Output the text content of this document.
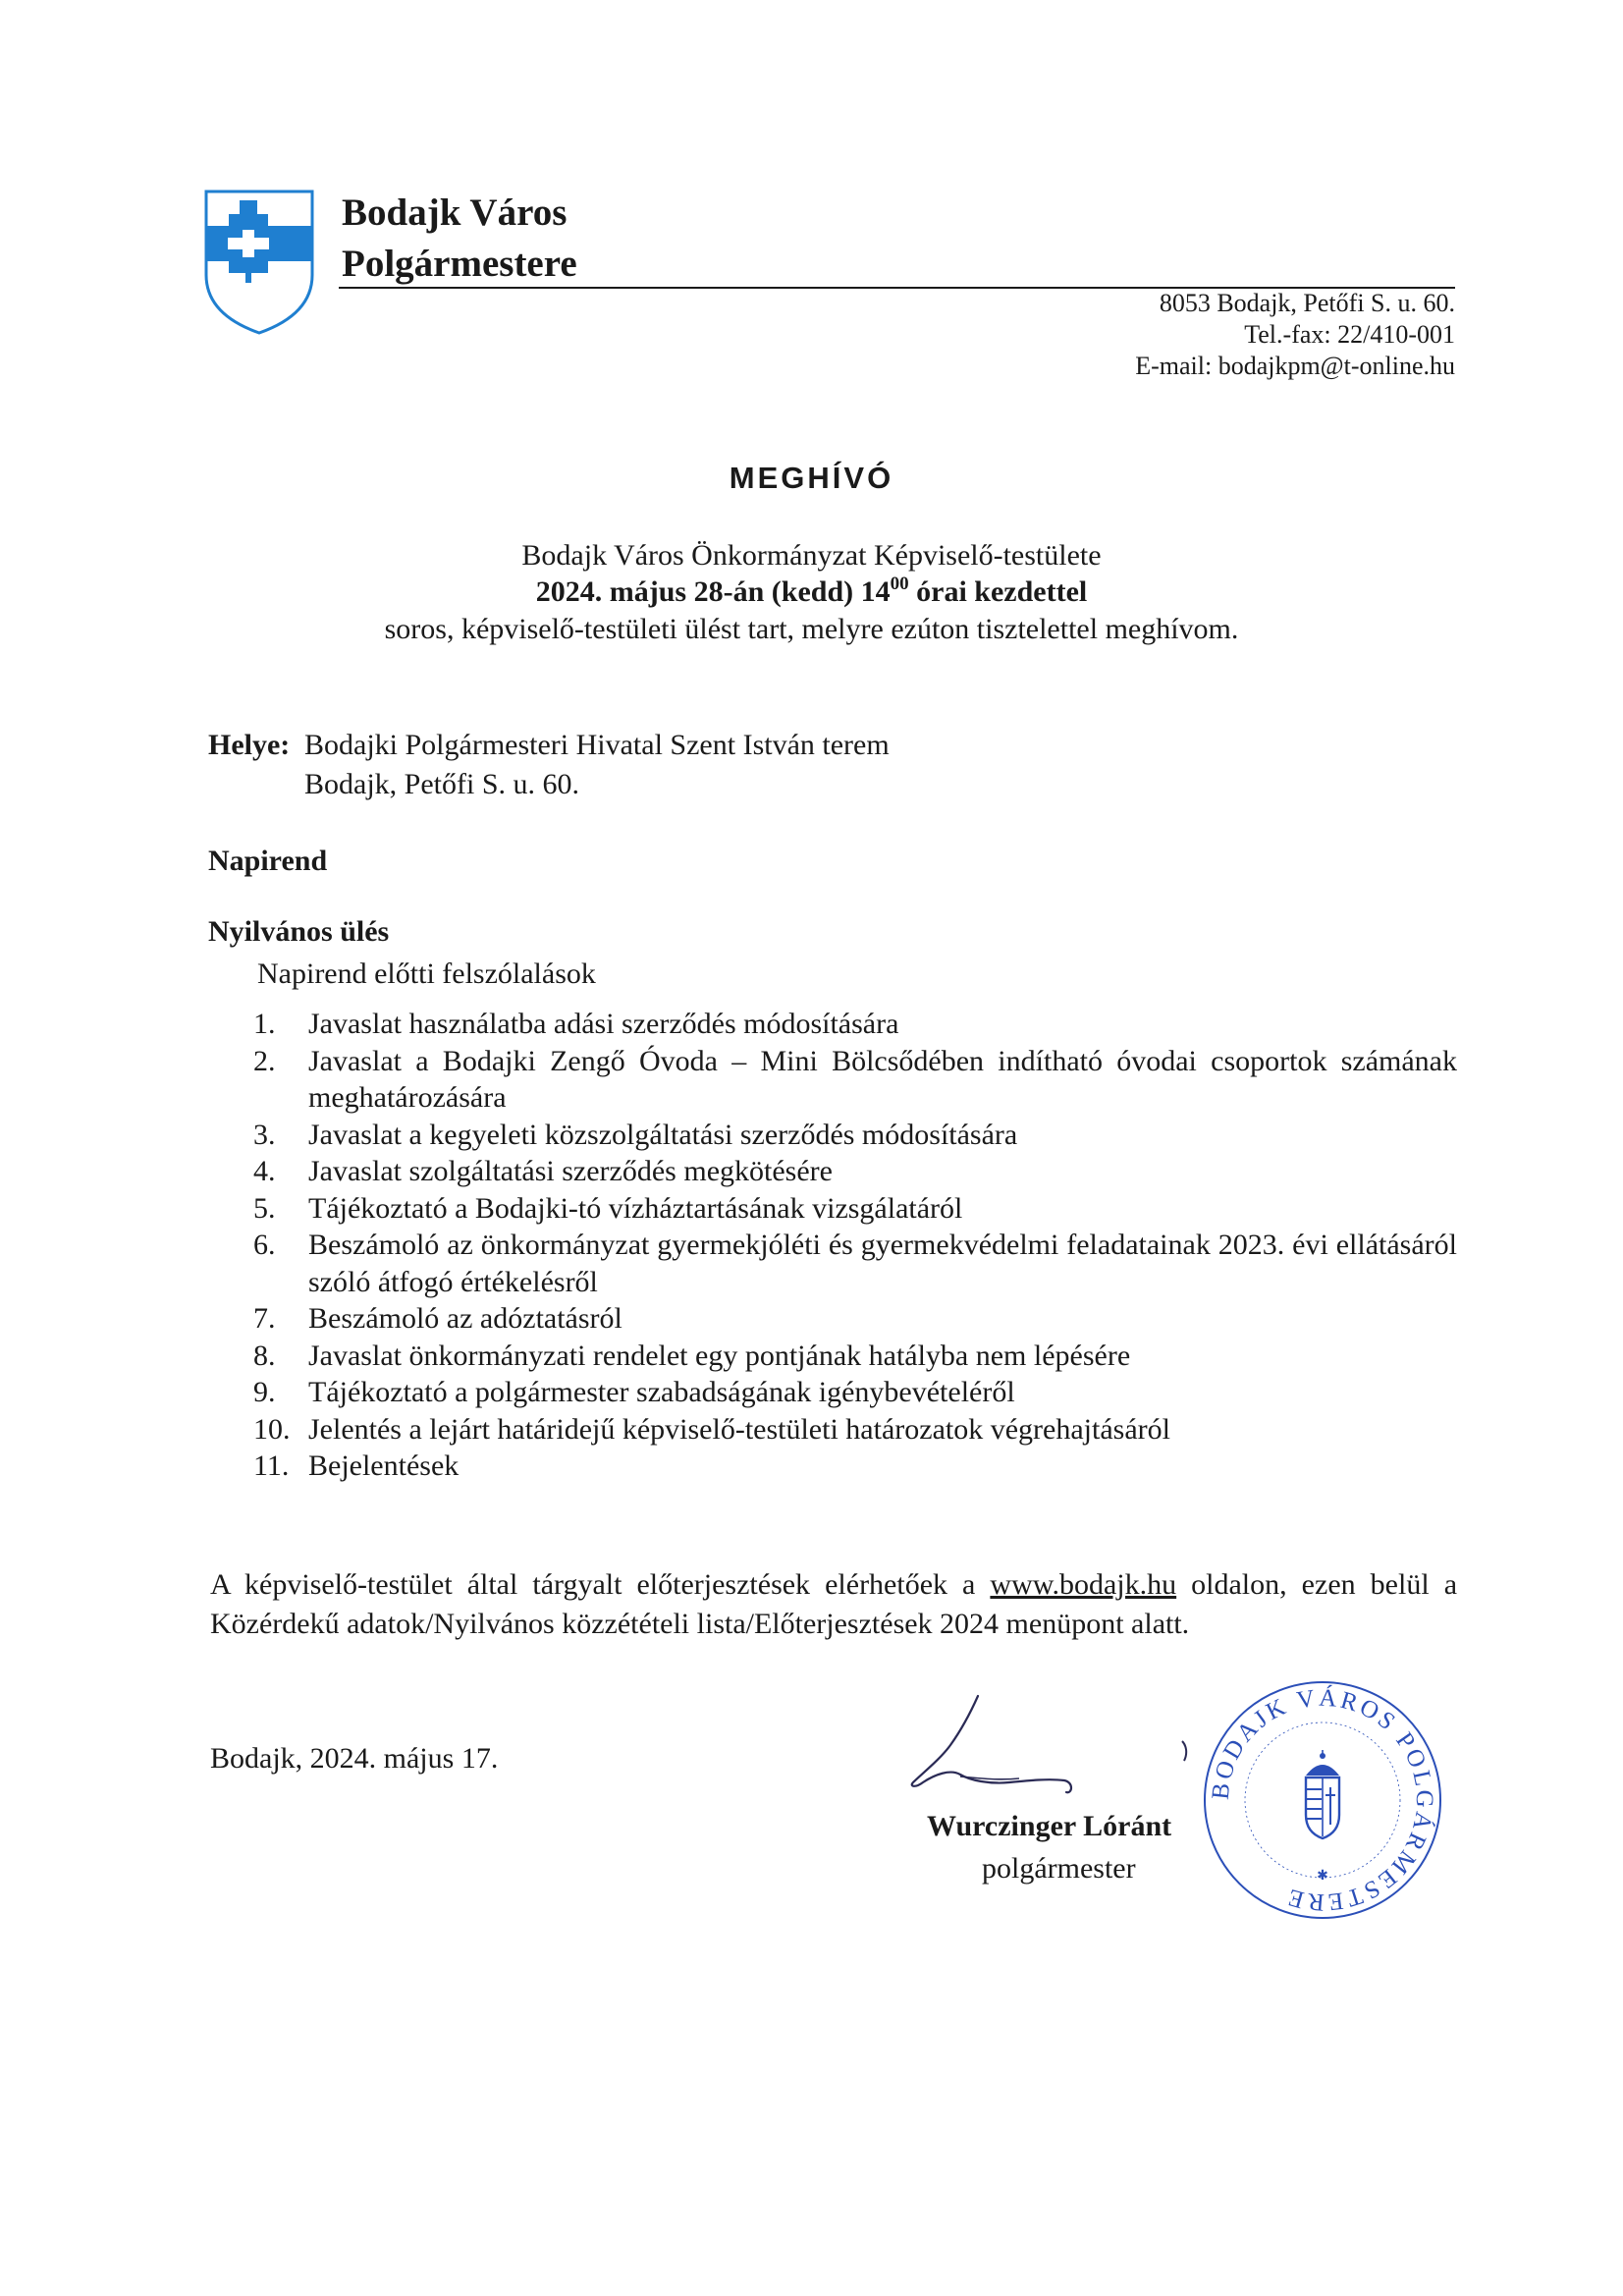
Bodajk Város
Polgármestere
8053 Bodajk, Petőfi S. u. 60.
Tel.-fax: 22/410-001
E-mail: bodajkpm@t-online.hu
MEGHÍVÓ
Bodajk Város Önkormányzat Képviselő-testülete
2024. május 28-án (kedd) $14^{00}$ órai kezdettel
soros, képviselő-testületi ülést tart, melyre ezúton tisztelettel meghívom.
Helye: Bodajki Polgármesteri Hivatal Szent István terem
Bodajk, Petőfi S. u. 60.
Napirend
Nyilvános ülés
Napirend előtti felszólalások
1.	Javaslat használatba adási szerződés módosítására
2.	Javaslat a Bodajki Zengő Óvoda – Mini Bölcsődében indítható óvodai csoportok számának meghatározására
3.	Javaslat a kegyeleti közszolgáltatási szerződés módosítására
4.	Javaslat szolgáltatási szerződés megkötésére
5.	Tájékoztató a Bodajki-tó vízháztartásának vizsgálatáról
6.	Beszámoló az önkormányzat gyermekjóléti és gyermekvédelmi feladatainak 2023. évi ellátásáról szóló átfogó értékelésről
7.	Beszámoló az adóztatásról
8.	Javaslat önkormányzati rendelet egy pontjának hatályba nem lépésére
9.	Tájékoztató a polgármester szabadságának igénybevételéről
10. Jelentés a lejárt határidejű képviselő-testületi határozatok végrehajtásáról
11. Bejelentések
A képviselő-testület által tárgyalt előterjesztések elérhetőek a www.bodajk.hu oldalon, ezen belül a Közérdekű adatok/Nyilvános közzétételi lista/Előterjesztések 2024 menüpont alatt.
Bodajk, 2024. május 17.
Wurczinger Lóránt
polgármester
BODAJK VÁROS POLGÁRMESTERE
✱
